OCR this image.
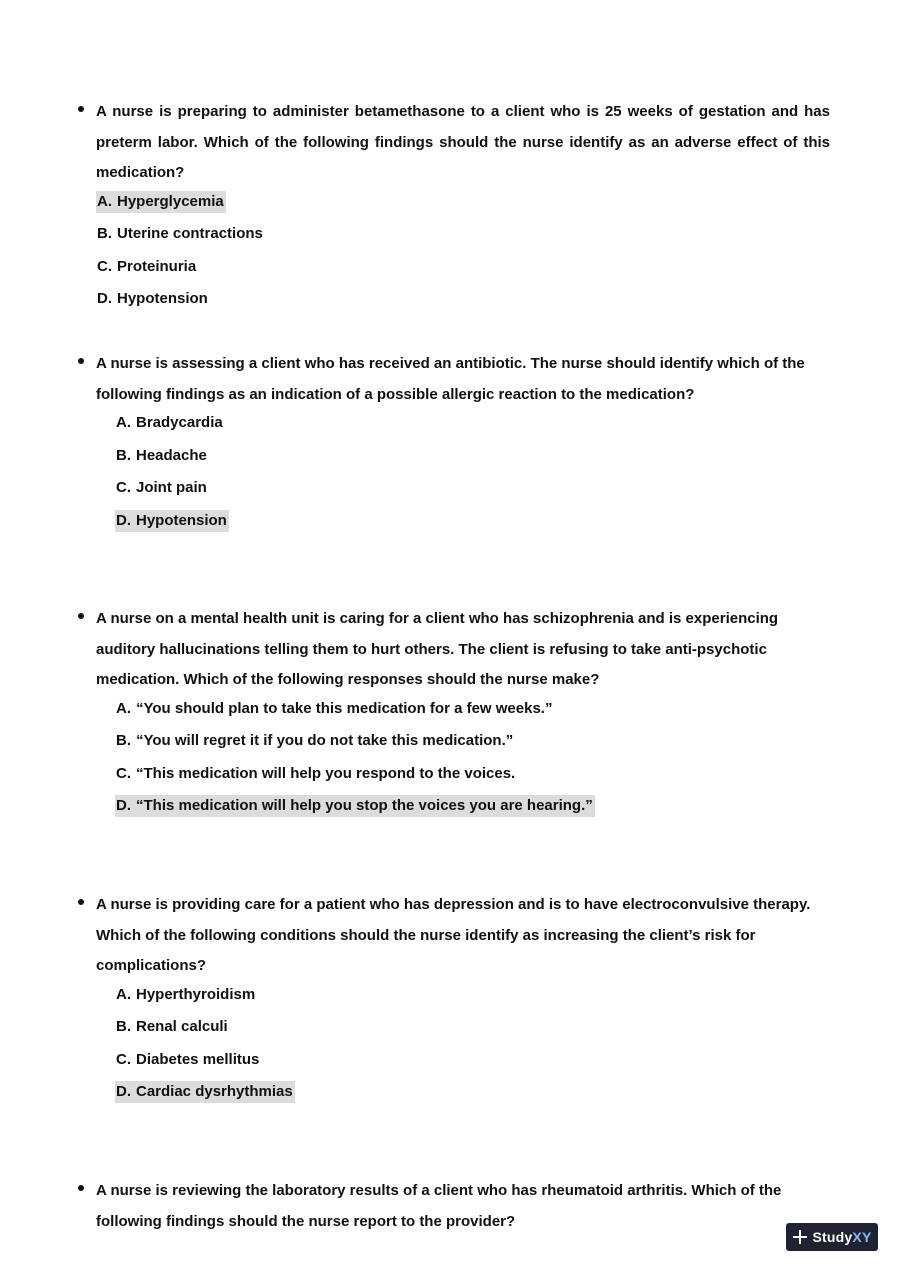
A nurse is preparing to administer betamethasone to a client who is 25 weeks of gestation and has preterm labor. Which of the following findings should the nurse identify as an adverse effect of this medication?
A. Hyperglycemia
B. Uterine contractions
C. Proteinuria
D. Hypotension
A nurse is assessing a client who has received an antibiotic. The nurse should identify which of the following findings as an indication of a possible allergic reaction to the medication?
A. Bradycardia
B. Headache
C. Joint pain
D. Hypotension
A nurse on a mental health unit is caring for a client who has schizophrenia and is experiencing auditory hallucinations telling them to hurt others. The client is refusing to take anti-psychotic medication. Which of the following responses should the nurse make?
A. “You should plan to take this medication for a few weeks.”
B. “You will regret it if you do not take this medication.”
C. “This medication will help you respond to the voices.
D. “This medication will help you stop the voices you are hearing.”
A nurse is providing care for a patient who has depression and is to have electroconvulsive therapy. Which of the following conditions should the nurse identify as increasing the client’s risk for complications?
A. Hyperthyroidism
B. Renal calculi
C. Diabetes mellitus
D. Cardiac dysrhythmias
A nurse is reviewing the laboratory results of a client who has rheumatoid arthritis. Which of the following findings should the nurse report to the provider?
StudyXY
